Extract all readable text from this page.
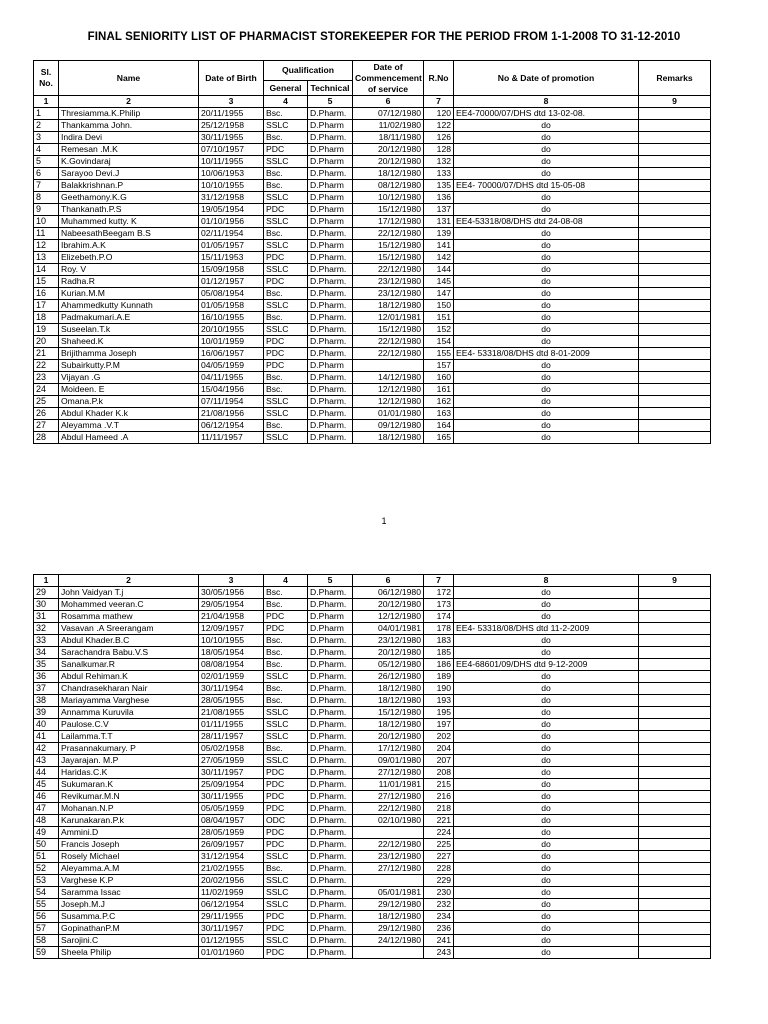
FINAL SENIORITY LIST OF PHARMACIST STOREKEEPER FOR THE PERIOD FROM 1-1-2008 TO 31-12-2010
Sl. No.	Name	Date of Birth	Qualification		Date of Commencement of service	R.No	No & Date of promotion	Remarks
			General	Technical				
1	2	3	4	5	6	7	8	9
1	Thresiamma.K.Philip	20/11/1955	Bsc.	D.Pharm.	07/12/1980	120	EE4-70000/07/DHS dtd 13-02-08.	
2	Thankamma John.	25/12/1958	SSLC	D.Pharm	11/02/1980	122	do	
3	Indira Devi	30/11/1955	Bsc.	D.Pharm.	18/11/1980	126	do	
4	Remesan .M.K	07/10/1957	PDC	D.Pharm	20/12/1980	128	do	
5	K.Govindaraj	10/11/1955	SSLC	D.Pharm	20/12/1980	132	do	
6	Sarayoo Devi.J	10/06/1953	Bsc.	D.Pharm.	18/12/1980	133	do	
7	Balakkrishnan.P	10/10/1955	Bsc.	D.Pharm	08/12/1980	135	EE4- 70000/07/DHS dtd 15-05-08	
8	Geethamony.K.G	31/12/1958	SSLC	D.Pharm	10/12/1980	136	do	
9	Thankanath.P.S	19/05/1954	PDC	D.Pharm	15/12/1980	137	do	
10	Muhammed kutty. K	01/10/1956	SSLC	D.Pharm	17/12/1980	131	EE4-53318/08/DHS dtd 24-08-08	
11	NabeesathBeegam B.S	02/11/1954	Bsc.	D.Pharm.	22/12/1980	139	do	
12	Ibrahim.A.K	01/05/1957	SSLC	D.Pharm	15/12/1980	141	do	
13	Elizebeth.P.O	15/11/1953	PDC	D.Pharm.	15/12/1980	142	do	
14	Roy. V	15/09/1958	SSLC	D.Pharm.	22/12/1980	144	do	
15	Radha.R	01/12/1957	PDC	D.Pharm.	23/12/1980	145	do	
16	Kurian.M.M	05/08/1954	Bsc.	D.Pharm.	23/12/1980	147	do	
17	Ahammedkutty Kunnath	01/05/1958	SSLC	D.Pharm.	18/12/1980	150	do	
18	Padmakumari.A.E	16/10/1955	Bsc.	D.Pharm.	12/01/1981	151	do	
19	Suseelan.T.k	20/10/1955	SSLC	D.Pharm.	15/12/1980	152	do	
20	Shaheed.K	10/01/1959	PDC	D.Pharm.	22/12/1980	154	do	
21	Brijithamma Joseph	16/06/1957	PDC	D.Pharm.	22/12/1980	155	EE4- 53318/08/DHS dtd 8-01-2009	
22	Subairkutty.P.M	04/05/1959	PDC	D.Pharm		157	do	
23	Vijayan .G	04/11/1955	Bsc.	D.Pharm.	14/12/1980	160	do	
24	Moideen. E	15/04/1956	Bsc.	D.Pharm.	12/12/1980	161	do	
25	Omana.P.k	07/11/1954	SSLC	D.Pharm.	12/12/1980	162	do	
26	Abdul Khader K.k	21/08/1956	SSLC	D.Pharm.	01/01/1980	163	do	
27	Aleyamma .V.T	06/12/1954	Bsc.	D.Pharm.	09/12/1980	164	do	
28	Abdul Hameed .A	11/11/1957	SSLC	D.Pharm.	18/12/1980	165	do	
1
1	2	3	4	5	6	7	8	9
29	John Vaidyan T.j	30/05/1956	Bsc.	D.Pharm.	06/12/1980	172	do	
30	Mohammed veeran.C	29/05/1954	Bsc.	D.Pharm.	20/12/1980	173	do	
31	Rosamma mathew	21/04/1958	PDC	D.Pharm	12/12/1980	174	do	
32	Vasavan .A Sreerangam	12/09/1957	PDC	D.Pharm	04/01/1981	178	EE4- 53318/08/DHS dtd 11-2-2009	
33	Abdul Khader.B.C	10/10/1955	Bsc.	D.Pharm.	23/12/1980	183	do	
34	Sarachandra Babu.V.S	18/05/1954	Bsc.	D.Pharm.	20/12/1980	185	do	
35	Sanalkumar.R	08/08/1954	Bsc.	D.Pharm.	05/12/1980	186	EE4-68601/09/DHS dtd 9-12-2009	
36	Abdul Rehiman.K	02/01/1959	SSLC	D.Pharm.	26/12/1980	189	do	
37	Chandrasekharan Nair	30/11/1954	Bsc.	D.Pharm.	18/12/1980	190	do	
38	Mariayamma Varghese	28/05/1955	Bsc.	D.Pharm.	18/12/1980	193	do	
39	Annamma Kuruvila	21/08/1955	SSLC	D.Pharm.	15/12/1980	195	do	
40	Paulose.C.V	01/11/1955	SSLC	D.Pharm.	18/12/1980	197	do	
41	Lailamma.T.T	28/11/1957	SSLC	D.Pharm.	20/12/1980	202	do	
42	Prasannakumary. P	05/02/1958	Bsc.	D.Pharm.	17/12/1980	204	do	
43	Jayarajan. M.P	27/05/1959	SSLC	D.Pharm.	09/01/1980	207	do	
44	Haridas.C.K	30/11/1957	PDC	D.Pharm.	27/12/1980	208	do	
45	Sukumaran.K	25/09/1954	PDC	D.Pharm.	11/01/1981	215	do	
46	Revikumar.M.N	30/11/1955	PDC	D.Pharm.	27/12/1980	216	do	
47	Mohanan.N.P	05/05/1959	PDC	D.Pharm.	22/12/1980	218	do	
48	Karunakaran.P.k	08/04/1957	ODC	D.Pharm.	02/10/1980	221	do	
49	Ammini.D	28/05/1959	PDC	D.Pharm.		224	do	
50	Francis Joseph	26/09/1957	PDC	D.Pharm.	22/12/1980	225	do	
51	Rosely Michael	31/12/1954	SSLC	D.Pharm.	23/12/1980	227	do	
52	Aleyamma.A.M	21/02/1955	Bsc.	D.Pharm.	27/12/1980	228	do	
53	Varghese K.P	20/02/1956	SSLC	D.Pharm.		229	do	
54	Saramma Issac	11/02/1959	SSLC	D.Pharm.	05/01/1981	230	do	
55	Joseph.M.J	06/12/1954	SSLC	D.Pharm.	29/12/1980	232	do	
56	Susamma.P.C	29/11/1955	PDC	D.Pharm.	18/12/1980	234	do	
57	GopinathanP.M	30/11/1957	PDC	D.Pharm.	29/12/1980	236	do	
58	Sarojini.C	01/12/1955	SSLC	D.Pharm.	24/12/1980	241	do	
59	Sheela Philip	01/01/1960	PDC	D.Pharm.		243	do	
